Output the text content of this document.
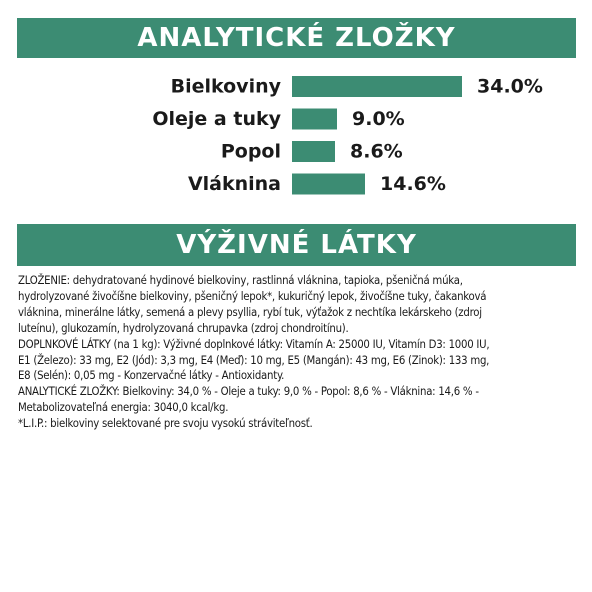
ANALYTICKÉ ZLOŽKY
Bielkoviny	34.0%
Oleje a tuky	9.0%
Popol	8.6%
Vláknina	14.6%
VÝŽIVNÉ LÁTKY

ZLOŽENIE: dehydratované hydinové bielkoviny, rastlinná vláknina, tapioka, pšeničná múka,

hydrolyzované živočíšne bielkoviny, pšeničný lepok*, kukuričný lepok, živočíšne tuky, čakanková

vláknina, minerálne látky, semená a plevy psyllia, rybí tuk, výťažok z nechtíka lekárskeho (zdroj

luteínu), glukozamín, hydrolyzovaná chrupavka (zdroj chondroitínu).

DOPLNKOVÉ LÁTKY (na 1 kg): Výživné doplnkové látky: Vitamín A: 25000 IU, Vitamín D3: 1000 IU,

E1 (Železo): 33 mg, E2 (Jód): 3,3 mg, E4 (Meď): 10 mg, E5 (Mangán): 43 mg, E6 (Zinok): 133 mg,

E8 (Selén): 0,05 mg - Konzervačné látky - Antioxidanty.

ANALYTICKÉ ZLOŽKY: Bielkoviny: 34,0 % - Oleje a tuky: 9,0 % - Popol: 8,6 % - Vláknina: 14,6 % -

Metabolizovateľná energia: 3040,0 kcal/kg.

*L.I.P.: bielkoviny selektované pre svoju vysokú stráviteľnosť.
